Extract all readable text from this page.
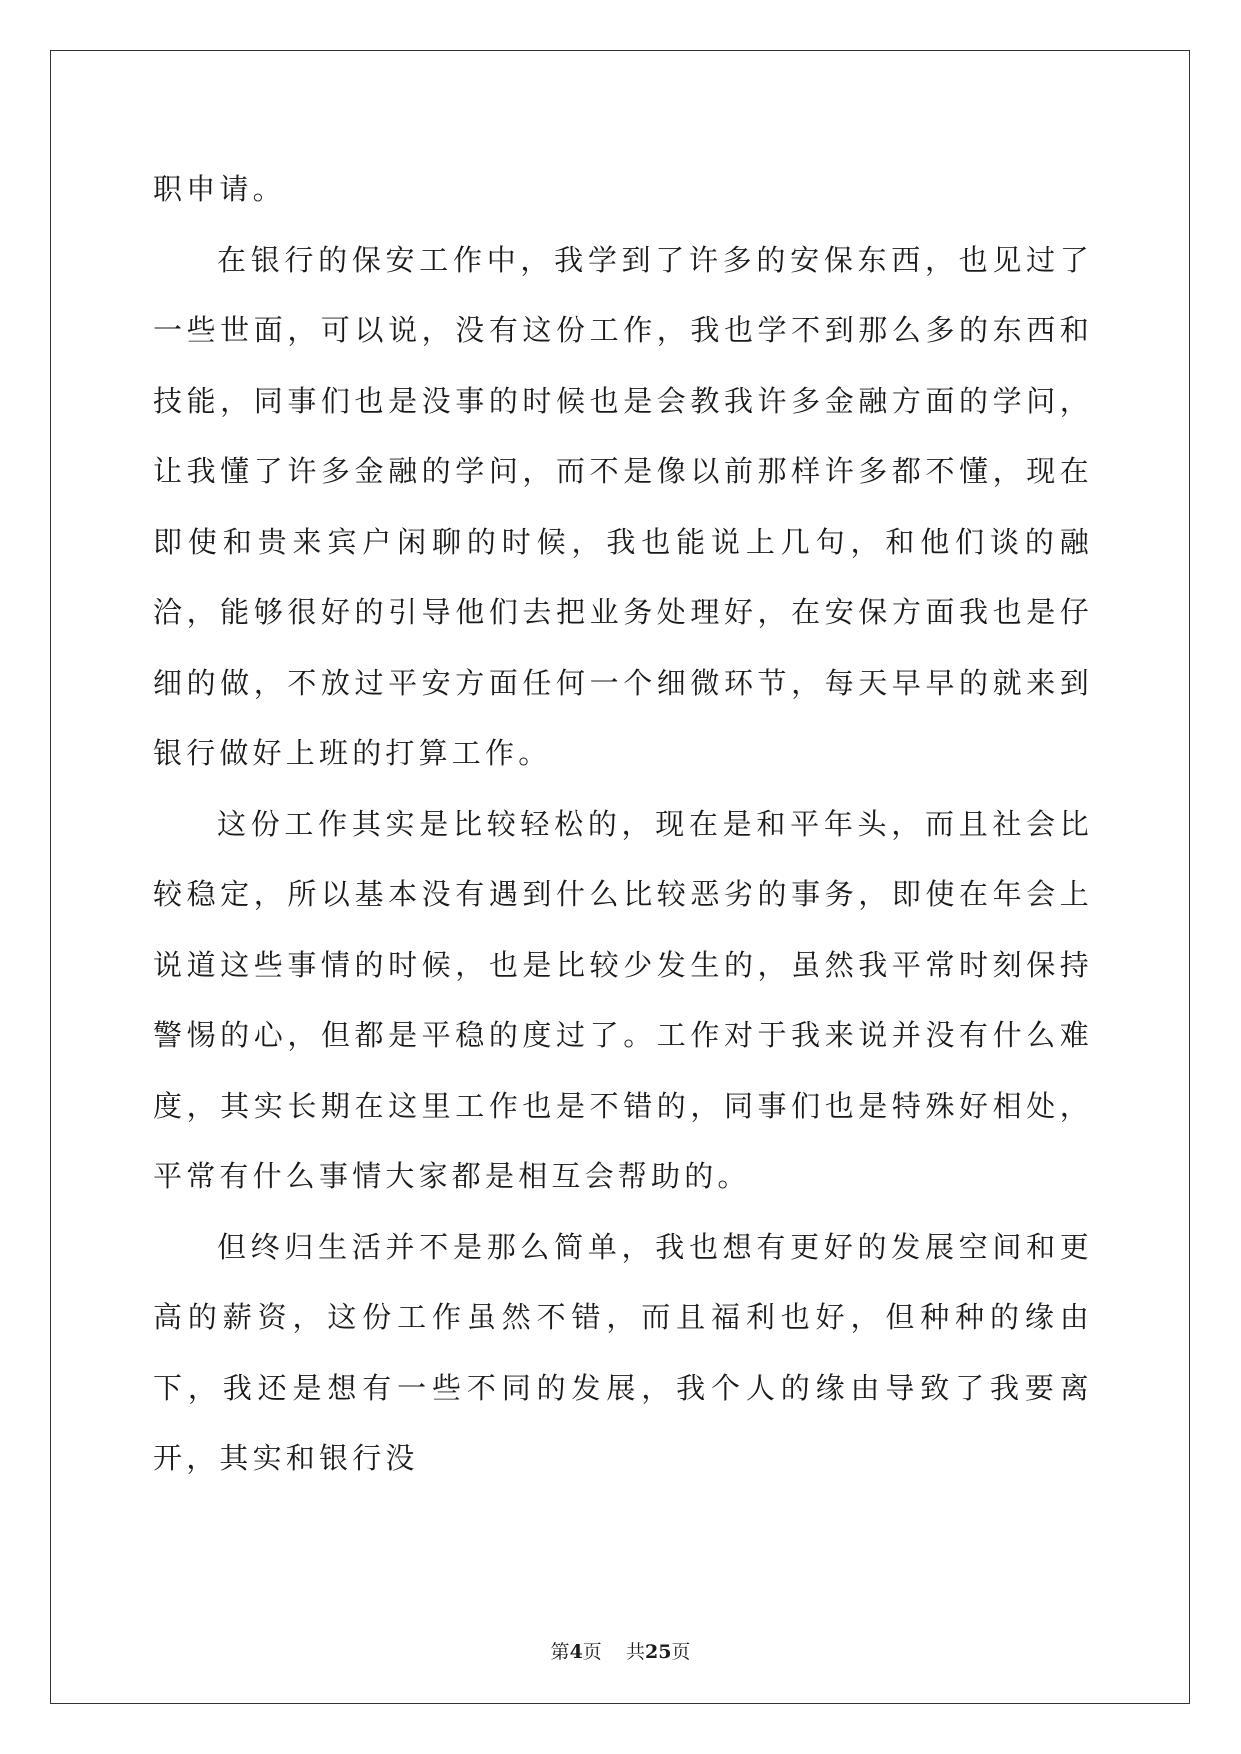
职申请。

在银行的保安工作中，我学到了许多的安保东西，也见过了一些世面，可以说，没有这份工作，我也学不到那么多的东西和技能，同事们也是没事的时候也是会教我许多金融方面的学问，让我懂了许多金融的学问，而不是像以前那样许多都不懂，现在即使和贵来宾户闲聊的时候，我也能说上几句，和他们谈的融洽，能够很好的引导他们去把业务处理好，在安保方面我也是仔细的做，不放过平安方面任何一个细微环节，每天早早的就来到银行做好上班的打算工作。

这份工作其实是比较轻松的，现在是和平年头，而且社会比较稳定，所以基本没有遇到什么比较恶劣的事务，即使在年会上说道这些事情的时候，也是比较少发生的，虽然我平常时刻保持警惕的心，但都是平稳的度过了。工作对于我来说并没有什么难度，其实长期在这里工作也是不错的，同事们也是特殊好相处，平常有什么事情大家都是相互会帮助的。

但终归生活并不是那么简单，我也想有更好的发展空间和更高的薪资，这份工作虽然不错，而且福利也好，但种种的缘由下，我还是想有一些不同的发展，我个人的缘由导致了我要离开，其实和银行没

第4页    共25页
